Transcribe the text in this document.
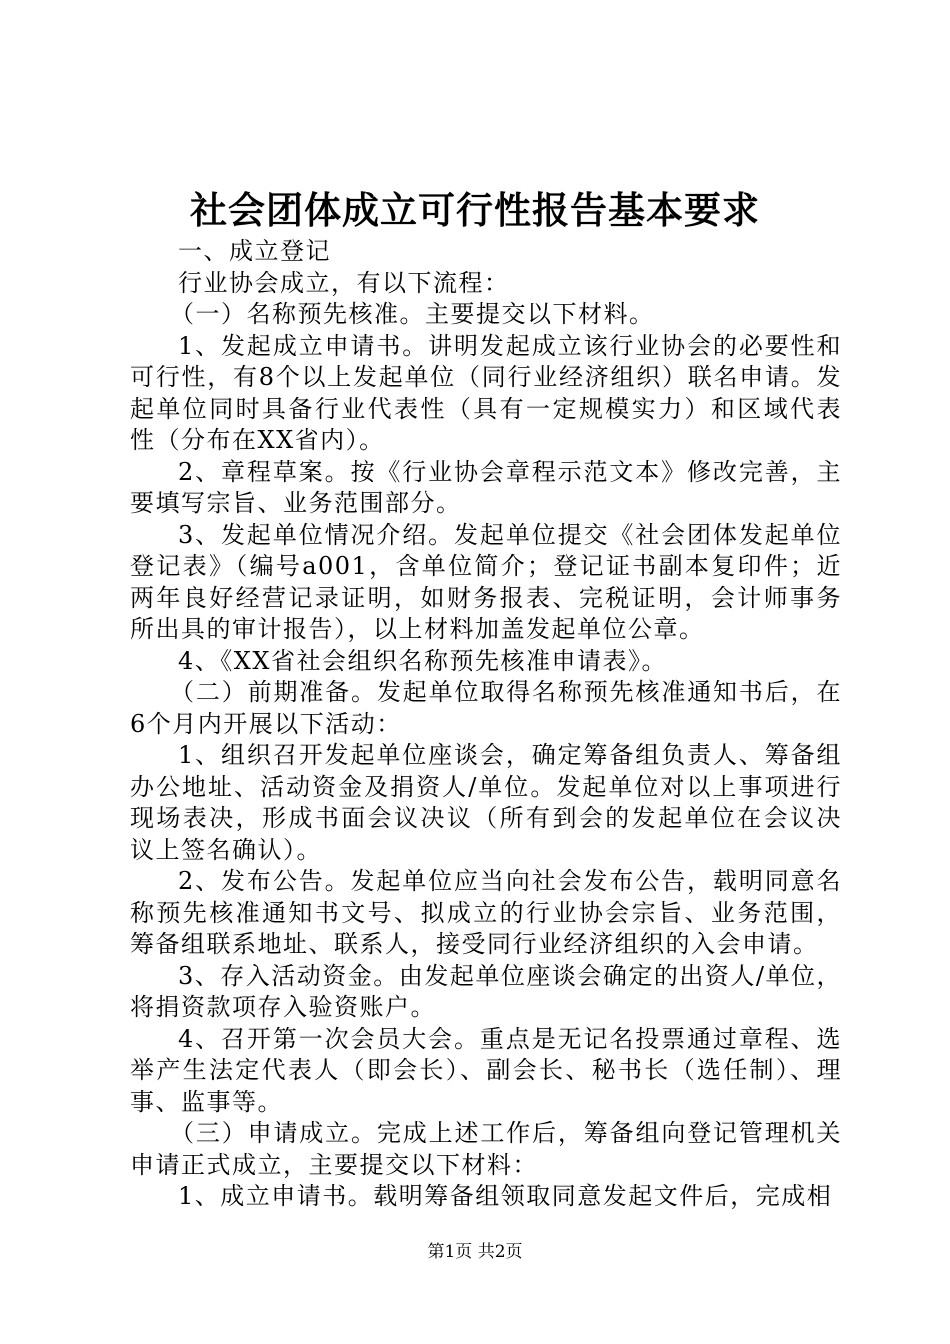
社会团体成立可行性报告基本要求

一、成立登记

行业协会成立，有以下流程：

（一）名称预先核准。主要提交以下材料。

1、发起成立申请书。讲明发起成立该行业协会的必要性和可行性，有8个以上发起单位（同行业经济组织）联名申请。发起单位同时具备行业代表性（具有一定规模实力）和区域代表性（分布在XX省内）。

2、章程草案。按《行业协会章程示范文本》修改完善，主要填写宗旨、业务范围部分。

3、发起单位情况介绍。发起单位提交《社会团体发起单位登记表》（编号a001，含单位简介；登记证书副本复印件；近两年良好经营记录证明，如财务报表、完税证明，会计师事务所出具的审计报告），以上材料加盖发起单位公章。

4、《XX省社会组织名称预先核准申请表》。

（二）前期准备。发起单位取得名称预先核准通知书后，在6个月内开展以下活动：

1、组织召开发起单位座谈会，确定筹备组负责人、筹备组办公地址、活动资金及捐资人/单位。发起单位对以上事项进行现场表决，形成书面会议决议（所有到会的发起单位在会议决议上签名确认）。

2、发布公告。发起单位应当向社会发布公告，载明同意名称预先核准通知书文号、拟成立的行业协会宗旨、业务范围，筹备组联系地址、联系人，接受同行业经济组织的入会申请。

3、存入活动资金。由发起单位座谈会确定的出资人/单位，将捐资款项存入验资账户。

4、召开第一次会员大会。重点是无记名投票通过章程、选举产生法定代表人（即会长）、副会长、秘书长（选任制）、理事、监事等。

（三）申请成立。完成上述工作后，筹备组向登记管理机关申请正式成立，主要提交以下材料：

1、成立申请书。载明筹备组领取同意发起文件后，完成相

第1页 共2页
